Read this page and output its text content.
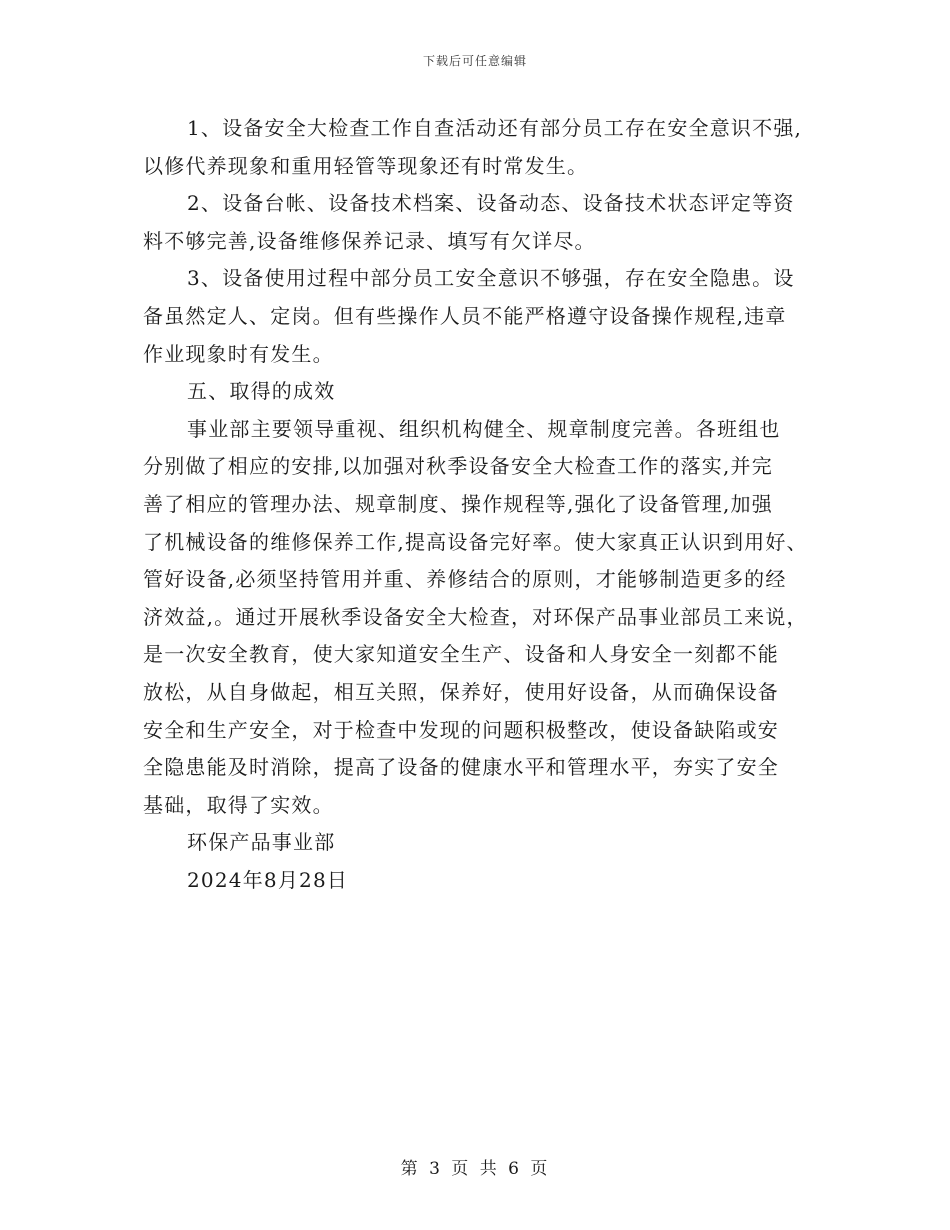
下载后可任意编辑
1、设备安全大检查工作自查活动还有部分员工存在安全意识不强,
以修代养现象和重用轻管等现象还有时常发生。
2、设备台帐、设备技术档案、设备动态、设备技术状态评定等资
料不够完善,设备维修保养记录、填写有欠详尽。
3、设备使用过程中部分员工安全意识不够强，存在安全隐患。设
备虽然定人、定岗。但有些操作人员不能严格遵守设备操作规程,违章
作业现象时有发生。
五、取得的成效
事业部主要领导重视、组织机构健全、规章制度完善。各班组也
分别做了相应的安排,以加强对秋季设备安全大检查工作的落实,并完
善了相应的管理办法、规章制度、操作规程等,强化了设备管理,加强
了机械设备的维修保养工作,提高设备完好率。使大家真正认识到用好、
管好设备,必须坚持管用并重、养修结合的原则，才能够制造更多的经
济效益,。通过开展秋季设备安全大检查，对环保产品事业部员工来说，
是一次安全教育，使大家知道安全生产、设备和人身安全一刻都不能
放松，从自身做起，相互关照，保养好，使用好设备，从而确保设备
安全和生产安全，对于检查中发现的问题积极整改，使设备缺陷或安
全隐患能及时消除，提高了设备的健康水平和管理水平，夯实了安全
基础，取得了实效。
环保产品事业部
2024年8月28日
第 3 页 共 6 页
